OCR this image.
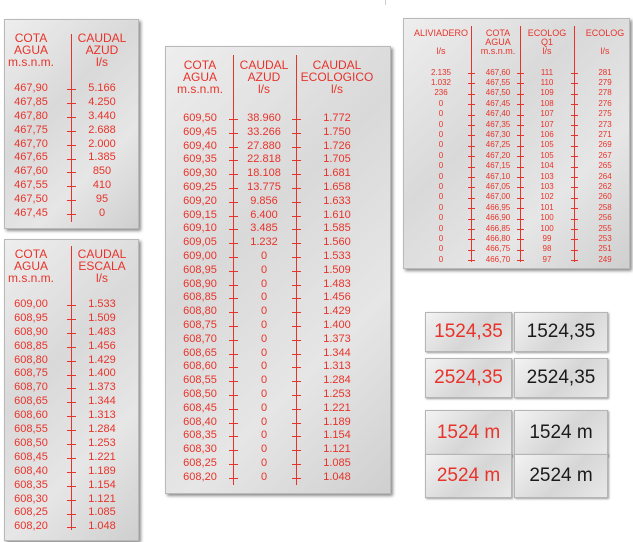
COTA
AGUA
m.s.n.m.
CAUDAL
AZUD
l/s
467,90	5.166
467,85	4.250
467,80	3.440
467,75	2.688
467,70	2.000
467,65	1.385
467,60	850
467,55	410
467,50	95
467,45	0
COTA
AGUA
m.s.n.m.
CAUDAL
ESCALA
l/s
609,00	1.533
608,95	1.509
608,90	1.483
608,85	1.456
608,80	1.429
608,75	1.400
608,70	1.373
608,65	1.344
608,60	1.313
608,55	1.284
608,50	1.253
608,45	1.221
608,40	1.189
608,35	1.154
608,30	1.121
608,25	1.085
608,20	1.048
COTA
AGUA
m.s.n.m.
CAUDAL
AZUD
l/s
CAUDAL
ECOLOGICO
l/s
609,50	38.960	1.772
609,45	33.266	1.750
609,40	27.880	1.726
609,35	22.818	1.705
609,30	18.108	1.681
609,25	13.775	1.658
609,20	9.856	1.633
609,15	6.400	1.610
609,10	3.485	1.585
609,05	1.232	1.560
609,00	0	1.533
608,95	0	1.509
608,90	0	1.483
608,85	0	1.456
608,80	0	1.429
608,75	0	1.400
608,70	0	1.373
608,65	0	1.344
608,60	0	1.313
608,55	0	1.284
608,50	0	1.253
608,45	0	1.221
608,40	0	1.189
608,35	0	1.154
608,30	0	1.121
608,25	0	1.085
608,20	0	1.048
ALIVIADERO

l/s
COTA
AGUA
m.s.n.m.
ECOLOG
Q1
l/s
ECOLOG

l/s
2.135	467,60	111	281
1.032	467,55	110	279
236	467,50	109	278
0	467,45	108	276
0	467,40	107	275
0	467,35	107	273
0	467,30	106	271
0	467,25	105	269
0	467,20	105	267
0	467,15	104	265
0	467,10	103	264
0	467,05	103	262
0	467,00	102	260
0	466,95	101	258
0	466,90	100	256
0	466,85	100	255
0	466,80	99	253
0	466,75	98	251
0	466,70	97	249
1524,35	1524,35
2524,35	2524,35
1524 m	1524 m
2524 m	2524 m
